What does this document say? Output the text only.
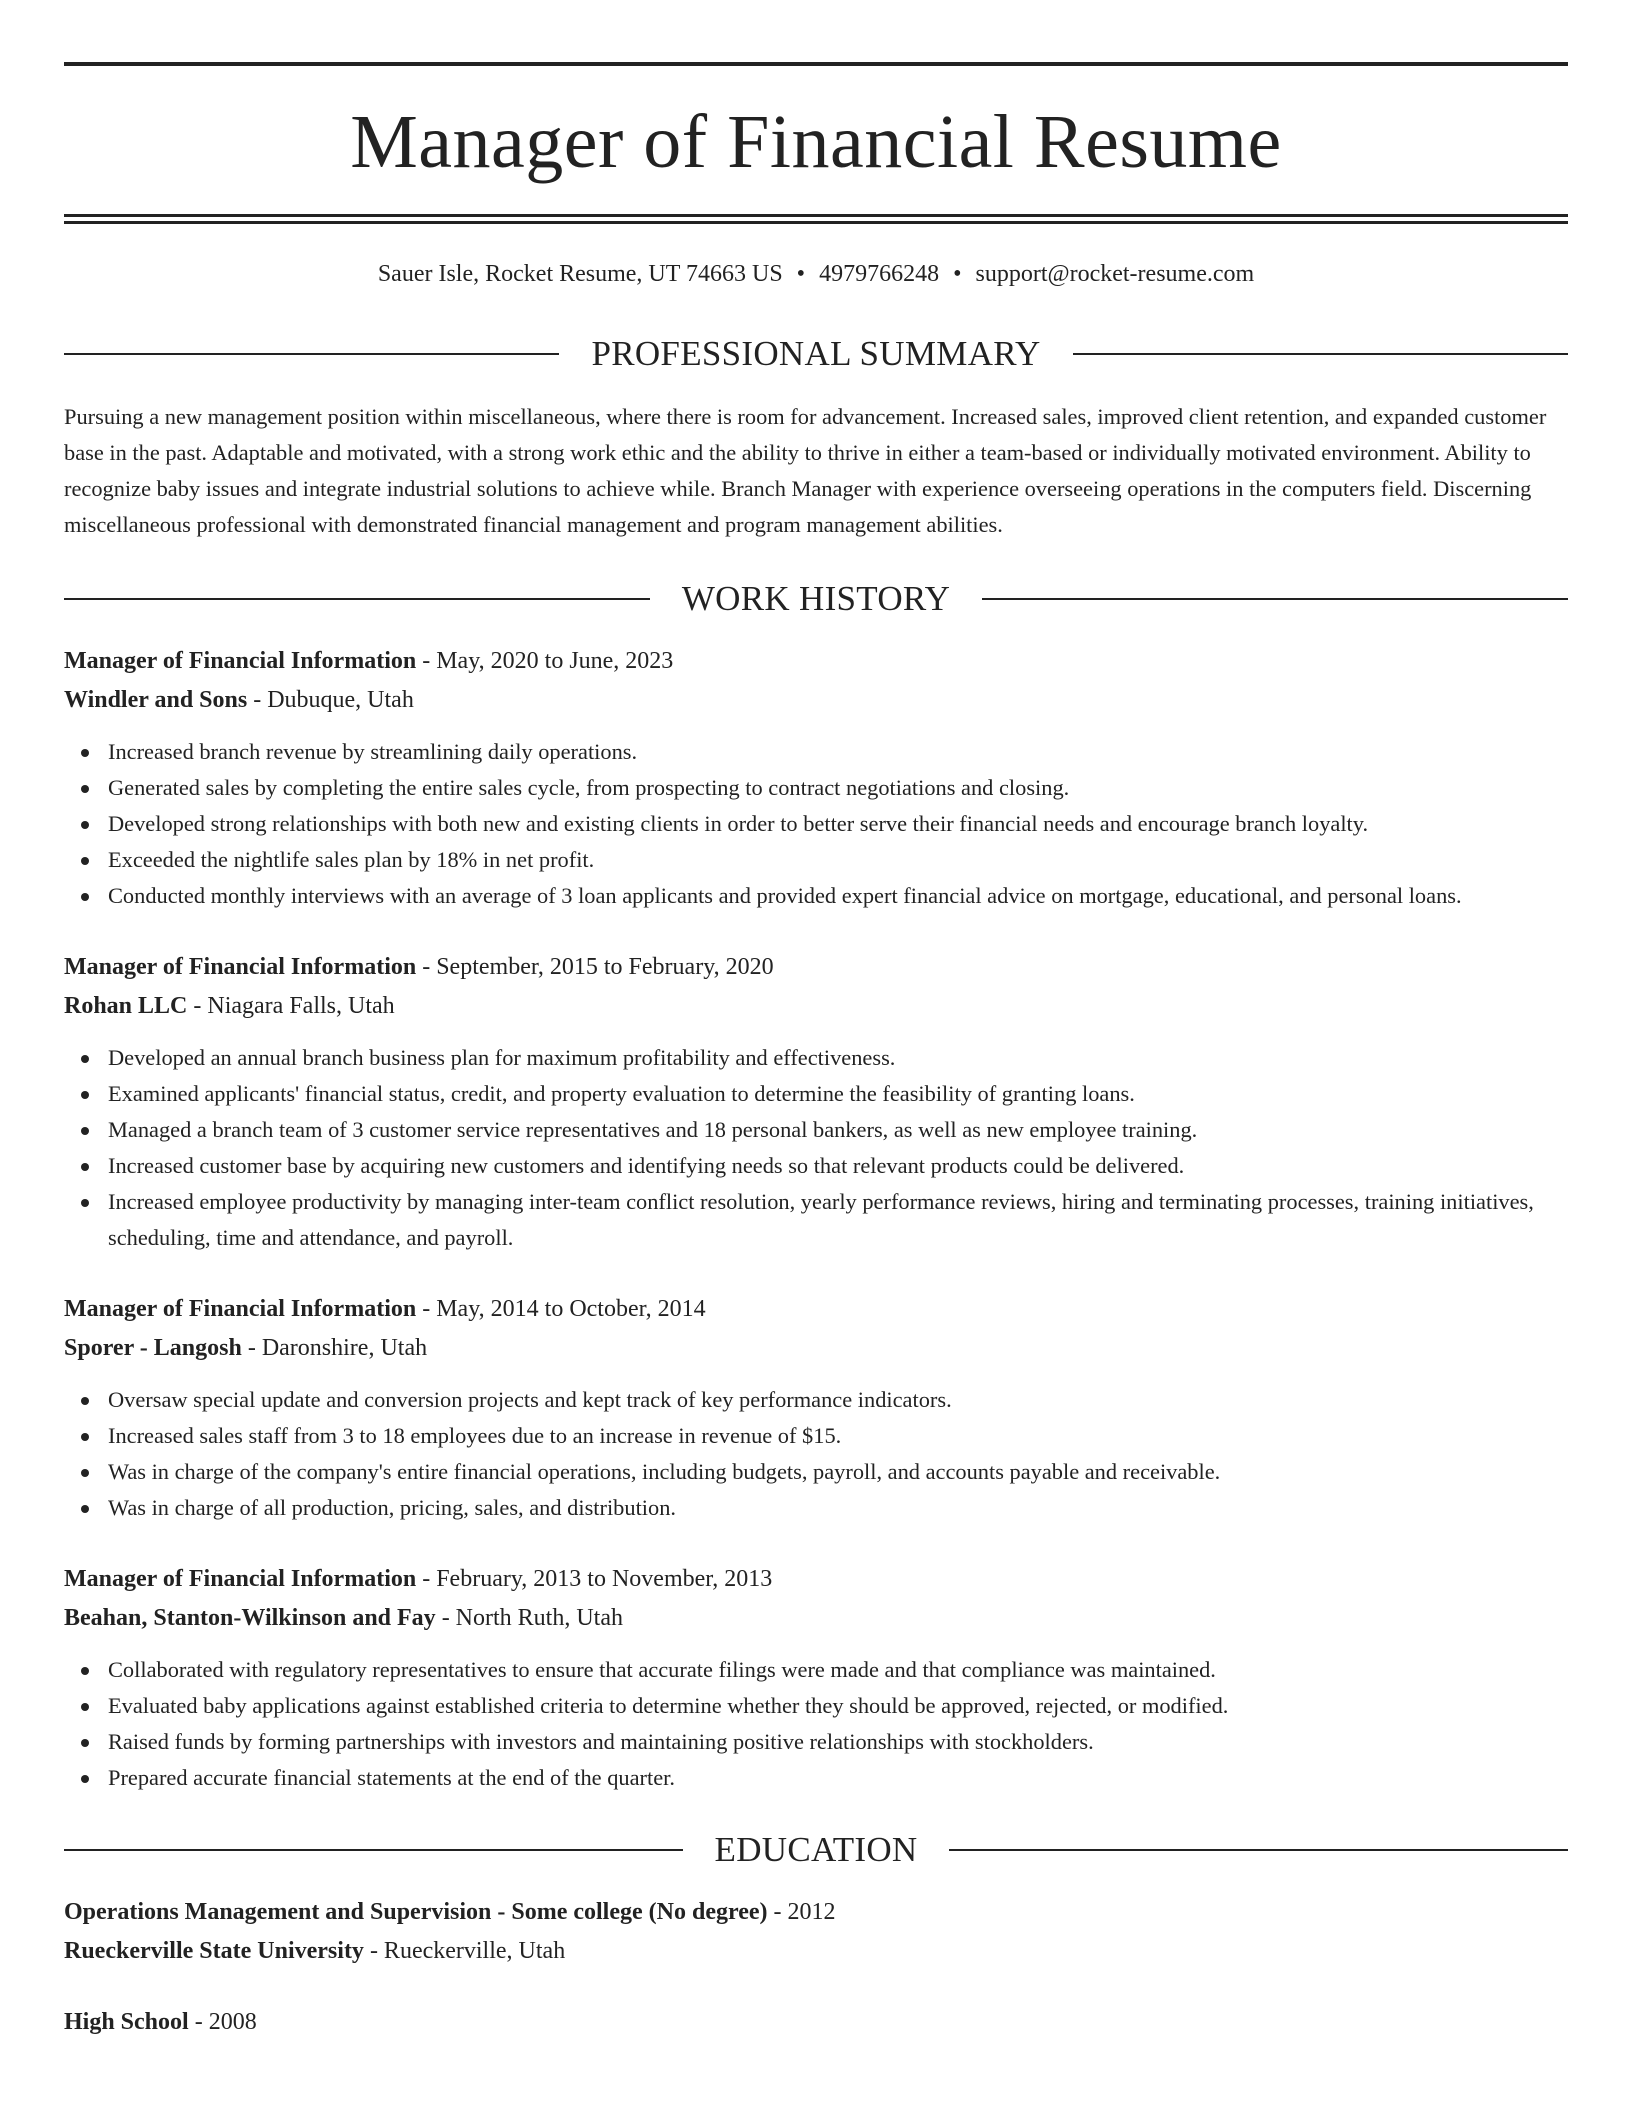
Manager of Financial Resume
Sauer Isle, Rocket Resume, UT 74663 US • 4979766248 • support@rocket-resume.com
PROFESSIONAL SUMMARY

Pursuing a new management position within miscellaneous, where there is room for advancement. Increased sales, improved client retention, and expanded customer base in the past. Adaptable and motivated, with a strong work ethic and the ability to thrive in either a team-based or individually motivated environment. Ability to recognize baby issues and integrate industrial solutions to achieve while. Branch Manager with experience overseeing operations in the computers field. Discerning miscellaneous professional with demonstrated financial management and program management abilities.

WORK HISTORY
Manager of Financial Information - May, 2020 to June, 2023
Windler and Sons - Dubuque, Utah
Increased branch revenue by streamlining daily operations.
Generated sales by completing the entire sales cycle, from prospecting to contract negotiations and closing.
Developed strong relationships with both new and existing clients in order to better serve their financial needs and encourage branch loyalty.
Exceeded the nightlife sales plan by 18% in net profit.
Conducted monthly interviews with an average of 3 loan applicants and provided expert financial advice on mortgage, educational, and personal loans.
Manager of Financial Information - September, 2015 to February, 2020
Rohan LLC - Niagara Falls, Utah
Developed an annual branch business plan for maximum profitability and effectiveness.
Examined applicants' financial status, credit, and property evaluation to determine the feasibility of granting loans.
Managed a branch team of 3 customer service representatives and 18 personal bankers, as well as new employee training.
Increased customer base by acquiring new customers and identifying needs so that relevant products could be delivered.
Increased employee productivity by managing inter-team conflict resolution, yearly performance reviews, hiring and terminating processes, training initiatives, scheduling, time and attendance, and payroll.
Manager of Financial Information - May, 2014 to October, 2014
Sporer - Langosh - Daronshire, Utah
Oversaw special update and conversion projects and kept track of key performance indicators.
Increased sales staff from 3 to 18 employees due to an increase in revenue of $15.
Was in charge of the company's entire financial operations, including budgets, payroll, and accounts payable and receivable.
Was in charge of all production, pricing, sales, and distribution.
Manager of Financial Information - February, 2013 to November, 2013
Beahan, Stanton-Wilkinson and Fay - North Ruth, Utah
Collaborated with regulatory representatives to ensure that accurate filings were made and that compliance was maintained.
Evaluated baby applications against established criteria to determine whether they should be approved, rejected, or modified.
Raised funds by forming partnerships with investors and maintaining positive relationships with stockholders.
Prepared accurate financial statements at the end of the quarter.
EDUCATION
Operations Management and Supervision - Some college (No degree) - 2012
Rueckerville State University - Rueckerville, Utah
High School - 2008
